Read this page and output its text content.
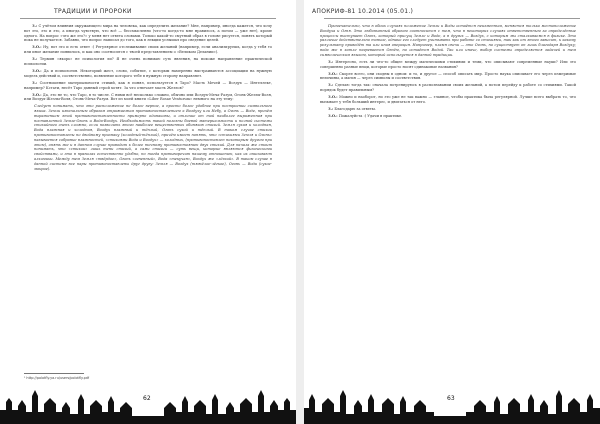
ТРАДИЦИИ И ПРОРОКИ

З.: С учётом влияния окружающего мира на человека, как определить желание? Мне, например, иногда кажется, что хочу вот это, это и это, а иногда чувствую, что всё — бессмысленно (что-то когда-то мне нравилось, а потом — уже нет), кроме одного. На вопрос «что же это?» у меня нет ответа словами. Только какой-то смутный образ в голове рисуется, понять который пока не получается. Забавно, что вопрос написал до того, как в лекции услышал про сведение целей.

З.О.: Ну, вот это и есть ответ :) Регулярное отслеживание своих желаний (например, если анализируешь, когда у тебя то или иное желание появилось, и как оно соотносится с твоей представлением о «Великом Делании»).

З.: Термин «якорь» не психология ли? Я не очень понимаю суть явления, на похоже направление практической психологии.

З.О.: Да и психология. Некоторый жест, слово, событие, с которым намеренно выстраиваются ассоциации на нужную модель действий и, соответственно, появление которого тебе в нужную сторону направляет.

З.: Соотношение материальности стихий, как я понял, используется в Таро? Масть Мечей — Воздух — Интеллект, например? Кстати, несёт Таро данный строй хотят. За что отвечает масть Жезлов?

З.О.: Да, это не то, что Таро, в то числе. С ними всё несколько сложно, обычно или Воздух-Меча-Разум, Огонь-Жезлы-Воля, или Воздух-Жезлы-Воля, Огонь-Меча-Разум. Вот из моей книги «Liber Rosae Venturum» немного на эту тему:

Следует понимать, что это расположение не более верное, а просто более удобное при построении символьного языка. Земли изначальным образом отражаемым противопоставлением к Воздуху или Небу, а Огонь — Воде, причём выражением этой противопоставленности примерно одинаковы, и отличие от той наиболее выраженная при поставленной Земле-Огонь и Вода-Воздух. Необходимость такой полезны боевой материальности и полной системы стихийного очень сложно, если позволить этого наиболее вещественных обиняков стихий. Земля сухая и холодная, Вода влажная и холодная, Воздух влажный и тёплый, Огонь сухой и тёплый. В таком случае стихии противопоставлены по двойному признаку (холодный-тёплый), причём имеет понять, что «стихиями Земля и Огонь» называется собрание влажностей, «стихиями Вода и Воздух» — холодных, (противопоставлен некоторым другим при этом), опять же и в данном случае приводит к более точному противостоянию двух стихий. Для начала же стоит понимать, что «стихии» лишь тени стихий, а сами стихии — суть вещи, которые являются физическими свойствами, и это в правилах естественно удобно, но тогда противоречит нашему отношению, как их описывают алхимики. Между тем Земля «твёрдое», Огонь «огненный», Вода «текучая», Воздух же «лёгкий». В таком случае в данной системе все пары противопоставлены друг другу: Земля — Воздух (тяжёлое-лёгкое), Огонь — Вода (сухое-мокрое).
¹ http://polotfly.ya.ru/users/polotfly.pdf
62
АПОКРИФ-81 10.2014 (05.01.)

Примечательно, что в обоих случаях положение Земли и Воды остаётся неизменным, меняется только местоположение Воздуха и Огня. Это любопытный образом соотносится с тем, что в некоторых случаях ответственным за определённые процессы выступает Огонь, который присущ Земле и Воде, а в других — Воздух, с которым мы сталкиваемся в физике. Это различие действительно тонкое, однако его следует учитывать при работе со стихиями, так как от этого зависит, к какому результату приведёт та или иная операция. Например, пламя свечи — это Огонь, но существует он лишь благодаря Воздуху; вода же в котле нагревается Огнём, но остаётся Водой. Так или иначе, выбор системы определяется задачей и тем символическим языком, который используется в данной традиции.

З.: Интересно, есть ли что-то общее между магическими стихиями и теми, что описывают современные науки? Или это совершенно разные вещи, которые просто носят одинаковые названия?

З.О.: Скорее всего, они сходны в одном: и то, и другое — способ описать мир. Просто наука описывает его через измеримые величины, а магия — через символы и соответствия.

З.: Сделаю тогда так: сначала потренируюсь в распознавании своих желаний, а потом перейду к работе со стихиями. Такой порядок будет правильным?

З.О.: Можно и наоборот, но это уже не так важно — главное, чтобы практика была регулярной. Лучше всего выбрать то, что вызывает у тебя больший интерес, и двигаться от него.

З.: Благодарю за ответы.

З.О.: Пожалуйста :) Удачи в практике.

63
